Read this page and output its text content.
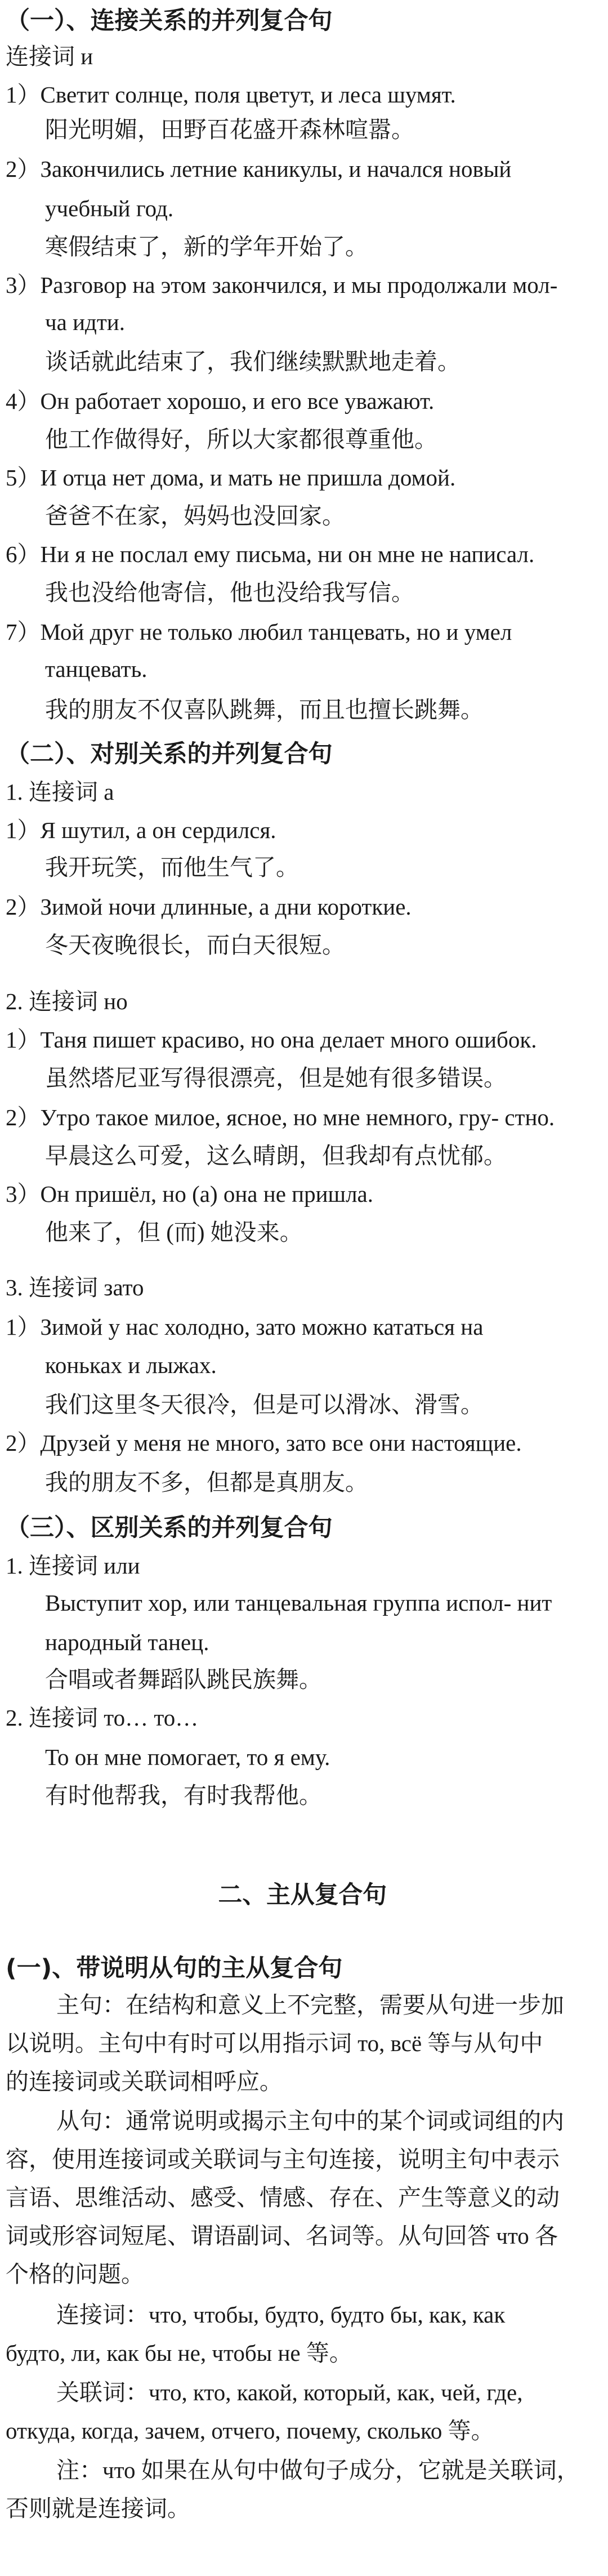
（一）、连接关系的并列复合句
连接词 и
1）Светит солнце, поля цветут, и леса шумят.
阳光明媚，田野百花盛开森林喧嚣。
2）Закончились летние каникулы, и начался новый
учебный год.
寒假结束了，新的学年开始了。
3）Разговор на этом закончился, и мы продолжали мол-
ча идти.
谈话就此结束了，我们继续默默地走着。
4）Он работает хорошо, и его все уважают.
他工作做得好，所以大家都很尊重他。
5）И отца нет дома, и мать не пришла домой.
爸爸不在家，妈妈也没回家。
6）Ни я не послал ему письма, ни он мне не написал.
我也没给他寄信，他也没给我写信。
7）Мой друг не только любил танцевать, но и умел
танцевать.
我的朋友不仅喜队跳舞，而且也擅长跳舞。
（二）、对别关系的并列复合句
1. 连接词 а
1）Я шутил, а он сердился.
我开玩笑，而他生气了。
2）Зимой ночи длинные, а дни короткие.
冬天夜晚很长，而白天很短。
2. 连接词 но
1）Таня пишет красиво, но она делает много ошибок.
虽然塔尼亚写得很漂亮，但是她有很多错误。
2）Утро такое милое, ясное, но мне немного, гру- стно.
早晨这么可爱，这么晴朗，但我却有点忧郁。
3）Он пришёл, но (а) она не пришла.
他来了，但 (而) 她没来。
3. 连接词 зато
1）Зимой у нас холодно, зато можно кататься на
коньках и лыжах.
我们这里冬天很冷，但是可以滑冰、滑雪。
2）Друзей у меня не много, зато все они настоящие.
我的朋友不多，但都是真朋友。
（三）、区别关系的并列复合句
1. 连接词 или
Выступит хор, или танцевальная группа испол- нит
народный танец.
合唱或者舞蹈队跳民族舞。
2. 连接词 то… то…
То он мне помогает, то я ему.
有时他帮我，有时我帮他。
二、主从复合句
(一)、带说明从句的主从复合句
主句：在结构和意义上不完整，需要从句进一步加
以说明。主句中有时可以用指示词 то, всё 等与从句中
的连接词或关联词相呼应。
从句：通常说明或揭示主句中的某个词或词组的内
容，使用连接词或关联词与主句连接，说明主句中表示
言语、思维活动、感受、情感、存在、产生等意义的动
词或形容词短尾、谓语副词、名词等。从句回答 что 各
个格的问题。
连接词：что, чтобы, будто, будто бы, как, как
будто, ли, как бы не, чтобы не 等。
关联词：что, кто, какой, который, как, чей, где,
откуда, когда, зачем, отчего, почему, сколько 等。
注：что 如果在从句中做句子成分，它就是关联词，
否则就是连接词。
